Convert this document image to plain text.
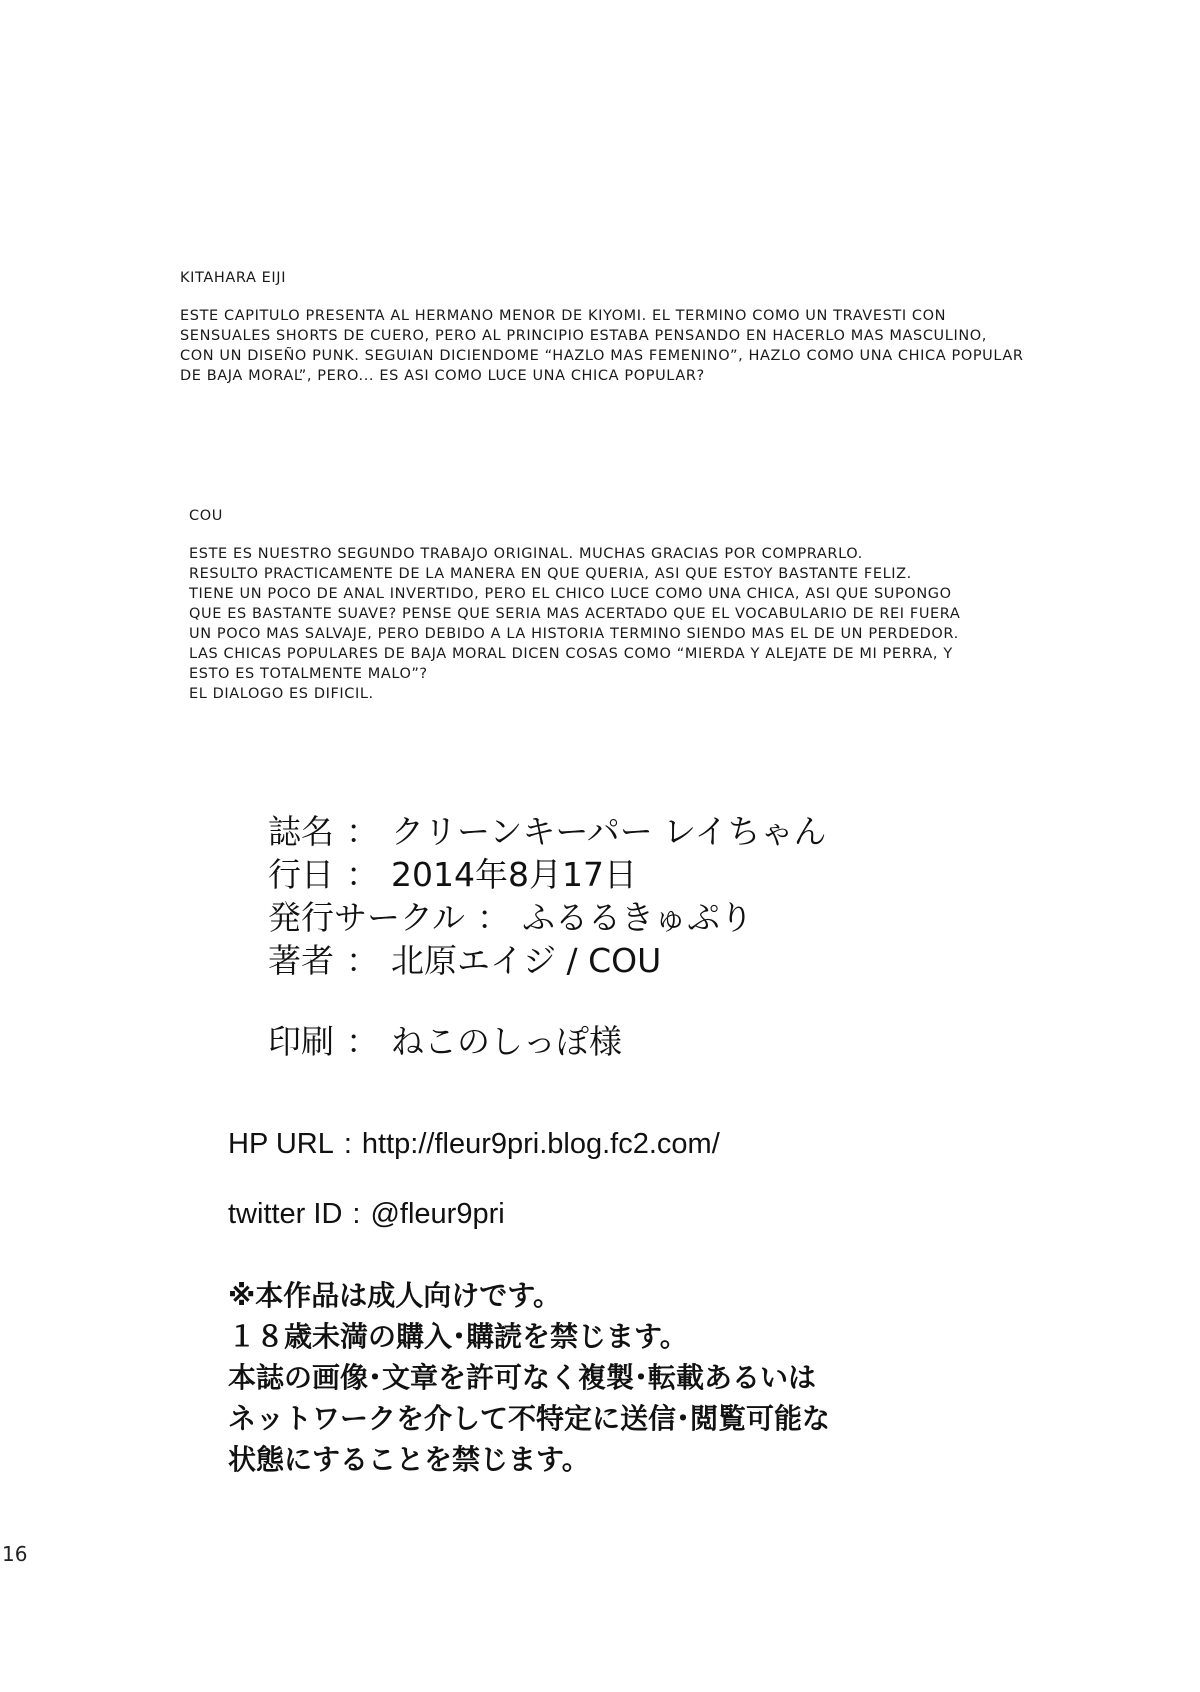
KITAHARA EIJI
ESTE CAPITULO PRESENTA AL HERMANO MENOR DE KIYOMI. EL TERMINO COMO UN TRAVESTI CON
SENSUALES SHORTS DE CUERO, PERO AL PRINCIPIO ESTABA PENSANDO EN HACERLO MAS MASCULINO,
CON UN DISEÑO PUNK. SEGUIAN DICIENDOME “HAZLO MAS FEMENINO”, HAZLO COMO UNA CHICA POPULAR
DE BAJA MORAL”, PERO... ES ASI COMO LUCE UNA CHICA POPULAR?
COU
ESTE ES NUESTRO SEGUNDO TRABAJO ORIGINAL. MUCHAS GRACIAS POR COMPRARLO.
RESULTO PRACTICAMENTE DE LA MANERA EN QUE QUERIA, ASI QUE ESTOY BASTANTE FELIZ.
TIENE UN POCO DE ANAL INVERTIDO, PERO EL CHICO LUCE COMO UNA CHICA, ASI QUE SUPONGO
QUE ES BASTANTE SUAVE? PENSE QUE SERIA MAS ACERTADO QUE EL VOCABULARIO DE REI FUERA
UN POCO MAS SALVAJE, PERO DEBIDO A LA HISTORIA TERMINO SIENDO MAS EL DE UN PERDEDOR.
LAS CHICAS POPULARES DE BAJA MORAL DICEN COSAS COMO “MIERDA Y ALEJATE DE MI PERRA, Y
ESTO ES TOTALMENTE MALO”?
EL DIALOGO ES DIFICIL.
誌名 ： クリーンキーパー レイちゃん
行日 ： 2014年8月17日
発行サークル ： ふるるきゅぷり
著者 ： 北原エイジ / COU
印刷 ： ねこのしっぽ様
HP URL : http://fleur9pri.blog.fc2.com/
twitter ID : @fleur9pri
※本作品は成人向けです。
１８歳未満の購入･購読を禁じます。
本誌の画像･文章を許可なく複製･転載あるいは
ネットワークを介して不特定に送信･閲覧可能な
状態にすることを禁じます。
16
